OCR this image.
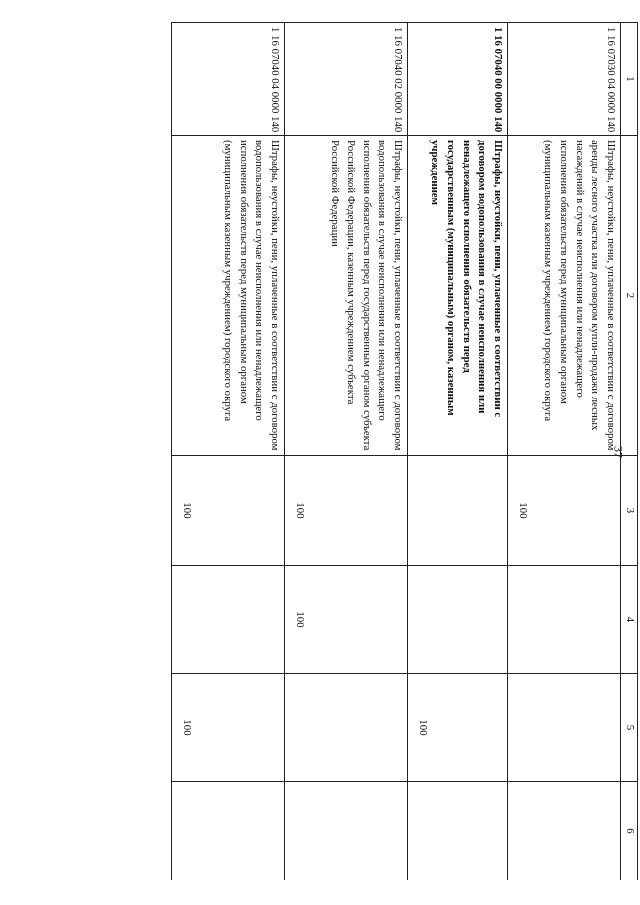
37
1	2	3	4	5	6
1 16 07030 04 0000 140	Штрафы, неустойки, пени, уплаченные в соответствии с договором аренды лесного участка или договором купли-продажи лесных насаждений в случае неисполнения или ненадлежащего исполнения обязательств перед муниципальным органом (муниципальным казенным учреждением) городского округа	100			
1 16 07040 00 0000 140	Штрафы, неустойки, пени, уплаченные в соответствии с договором водопользования в случае неисполнения или ненадлежащего исполнения обязательств перед государственным (муниципальным) органом, казенным учреждением			100	
1 16 07040 02 0000 140	Штрафы, неустойки, пени, уплаченные в соответствии с договором водопользования в случае неисполнения или ненадлежащего исполнения обязательств перед государственным органом субъекта Российской Федерации, казенным учреждением субъекта Российской Федерации	100	100		
1 16 07040 04 0000 140	Штрафы, неустойки, пени, уплаченные в соответствии с договором водопользования в случае неисполнения или ненадлежащего исполнения обязательств перед муниципальным органом (муниципальным казенным учреждением) городского округа	100		100	
